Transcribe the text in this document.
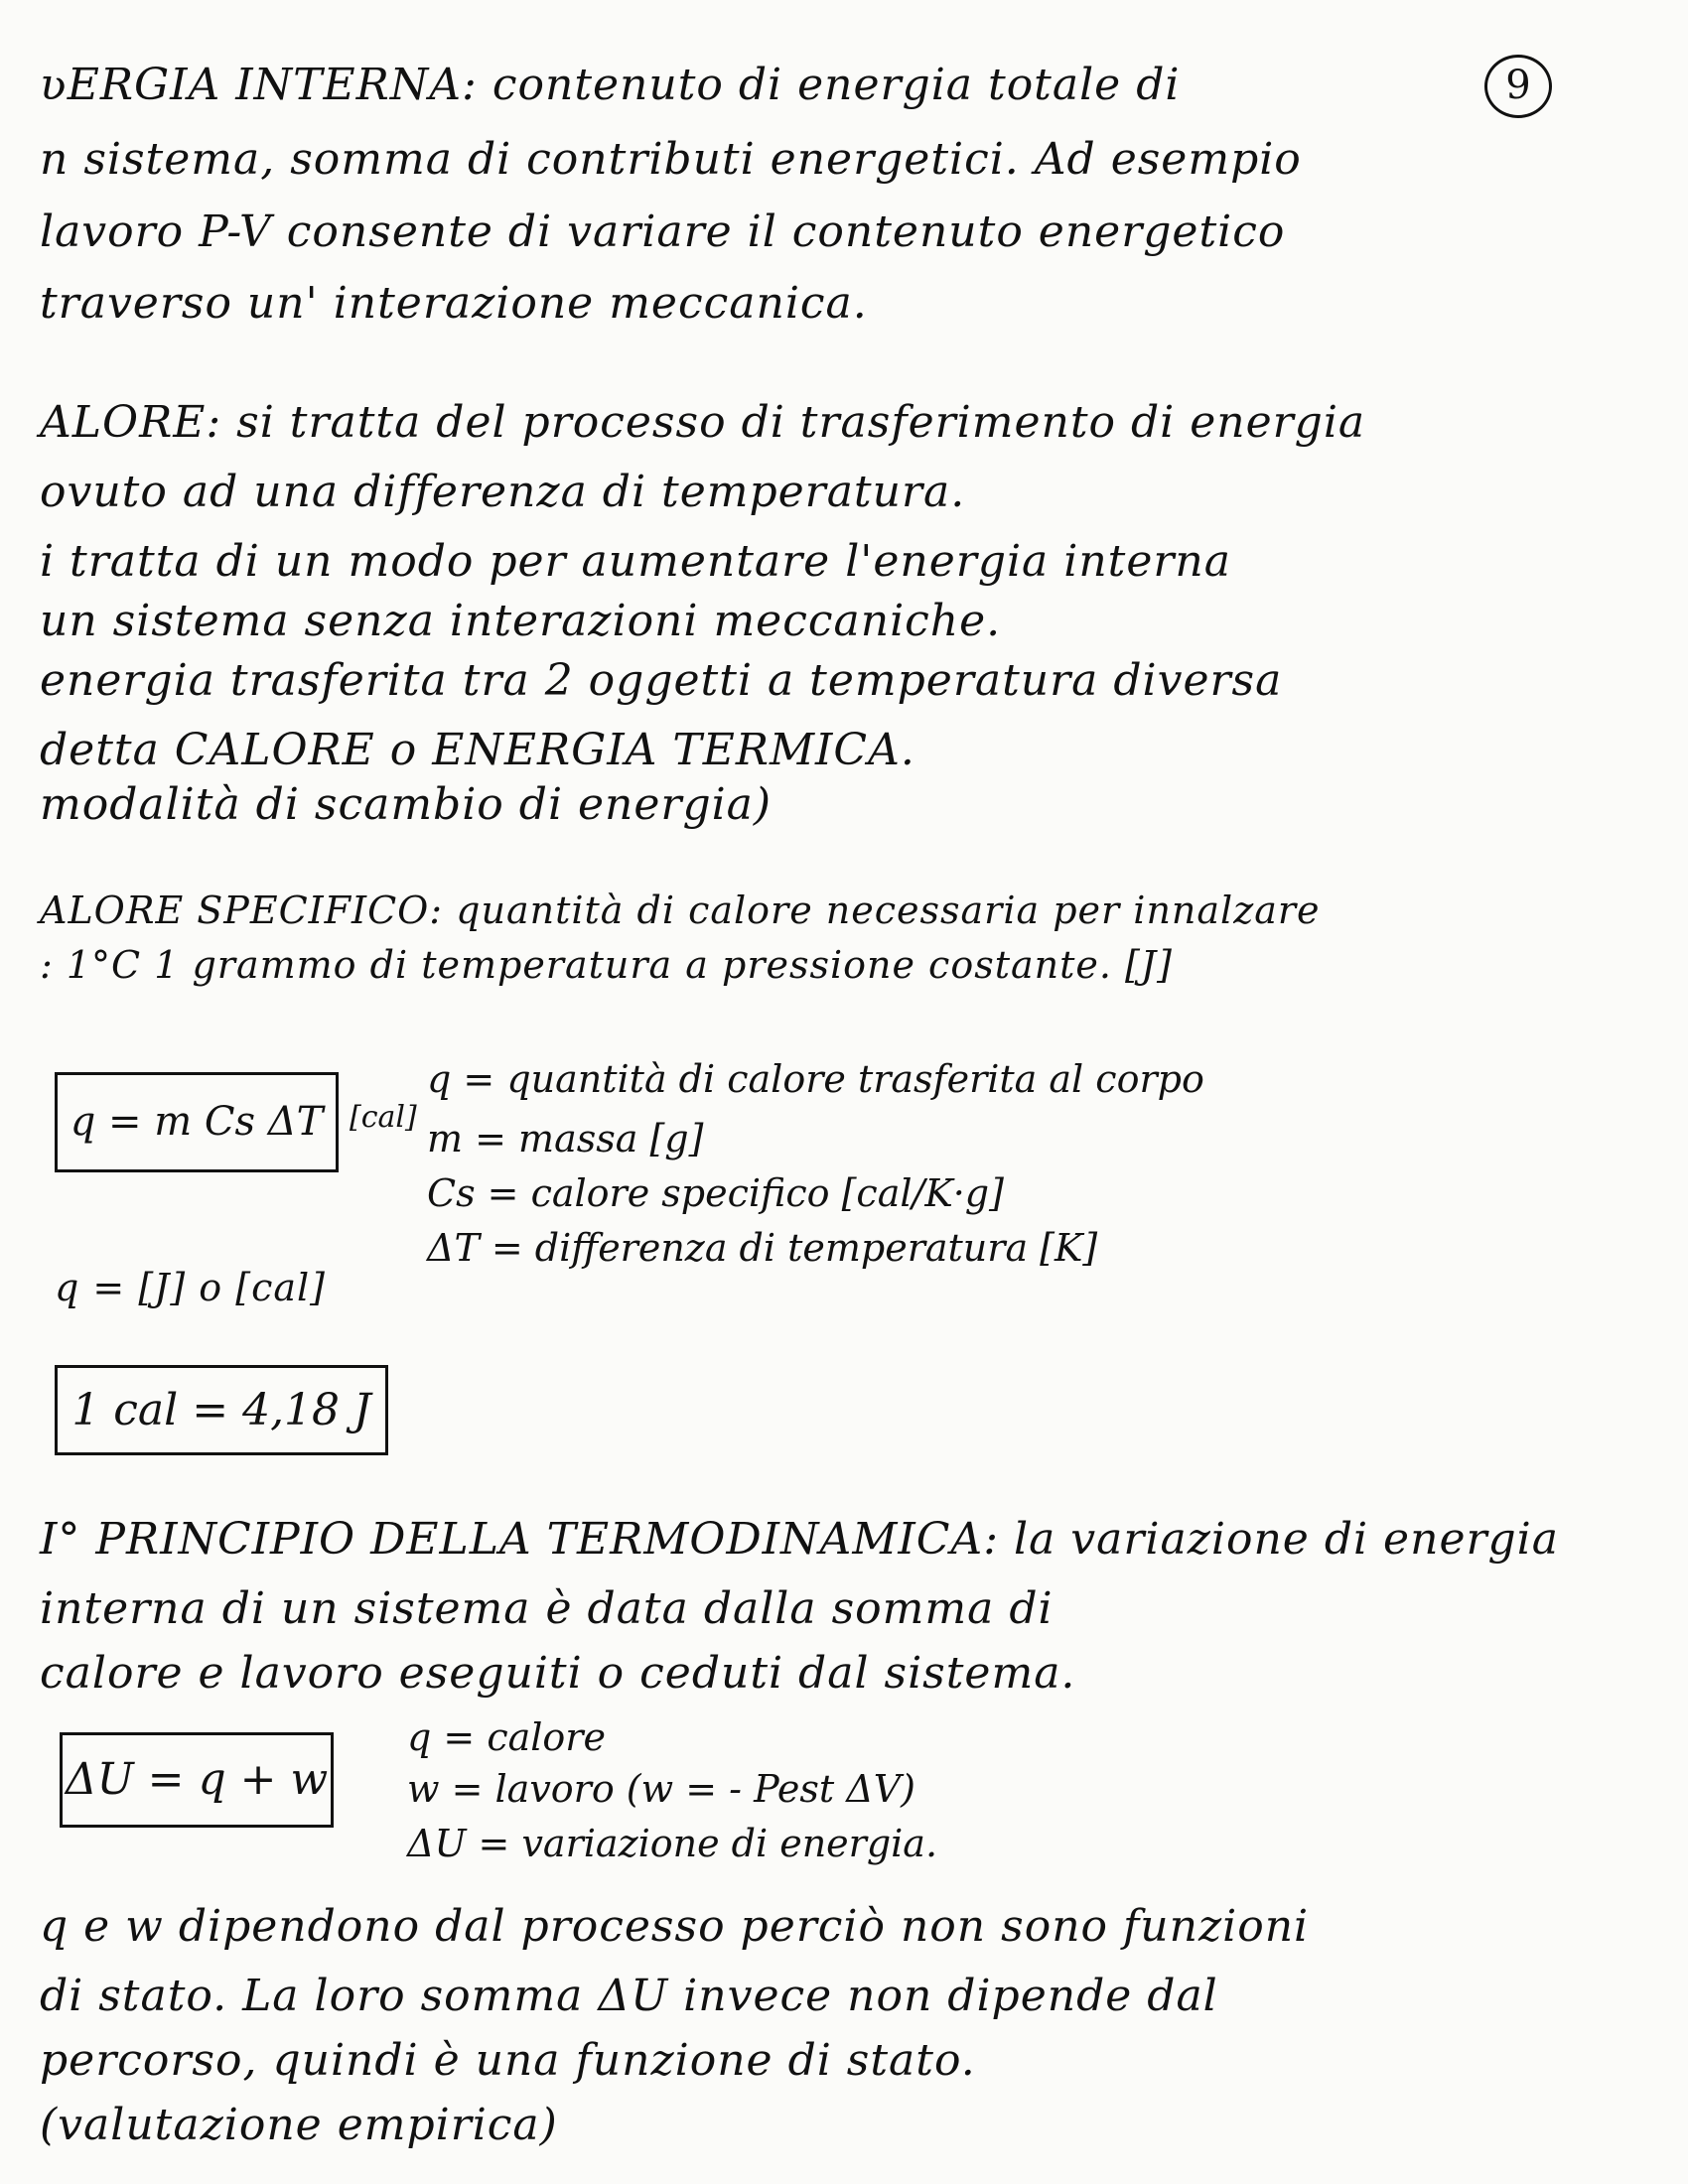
9
ʋERGIA INTERNA: contenuto di energia totale di
n sistema, somma di contributi energetici. Ad esempio
lavoro P-V consente di variare il contenuto energetico
traverso un' interazione meccanica.
ALORE: si tratta del processo di trasferimento di energia
ovuto ad una differenza di temperatura.
i tratta di un modo per aumentare l'energia interna
un sistema senza interazioni meccaniche.
energia trasferita tra 2 oggetti a temperatura diversa
detta CALORE o ENERGIA TERMICA.
modalità di scambio di energia)
ALORE SPECIFICO: quantità di calore necessaria per innalzare
: 1°C 1 grammo di temperatura a pressione costante. [J]
q = m Cs ΔT [cal]
q = quantità di calore trasferita al corpo
m = massa [g]
Cs = calore specifico [cal/K·g]
ΔT = differenza di temperatura [K]
q = [J] o [cal]
1 cal = 4,18 J
I° PRINCIPIO DELLA TERMODINAMICA: la variazione di energia
interna di un sistema è data dalla somma di
calore e lavoro eseguiti o ceduti dal sistema.
ΔU = q + w
q = calore
w = lavoro (w = - Pest ΔV)
ΔU = variazione di energia.
q e w dipendono dal processo perciò non sono funzioni
di stato. La loro somma ΔU invece non dipende dal
percorso, quindi è una funzione di stato.
(valutazione empirica)
